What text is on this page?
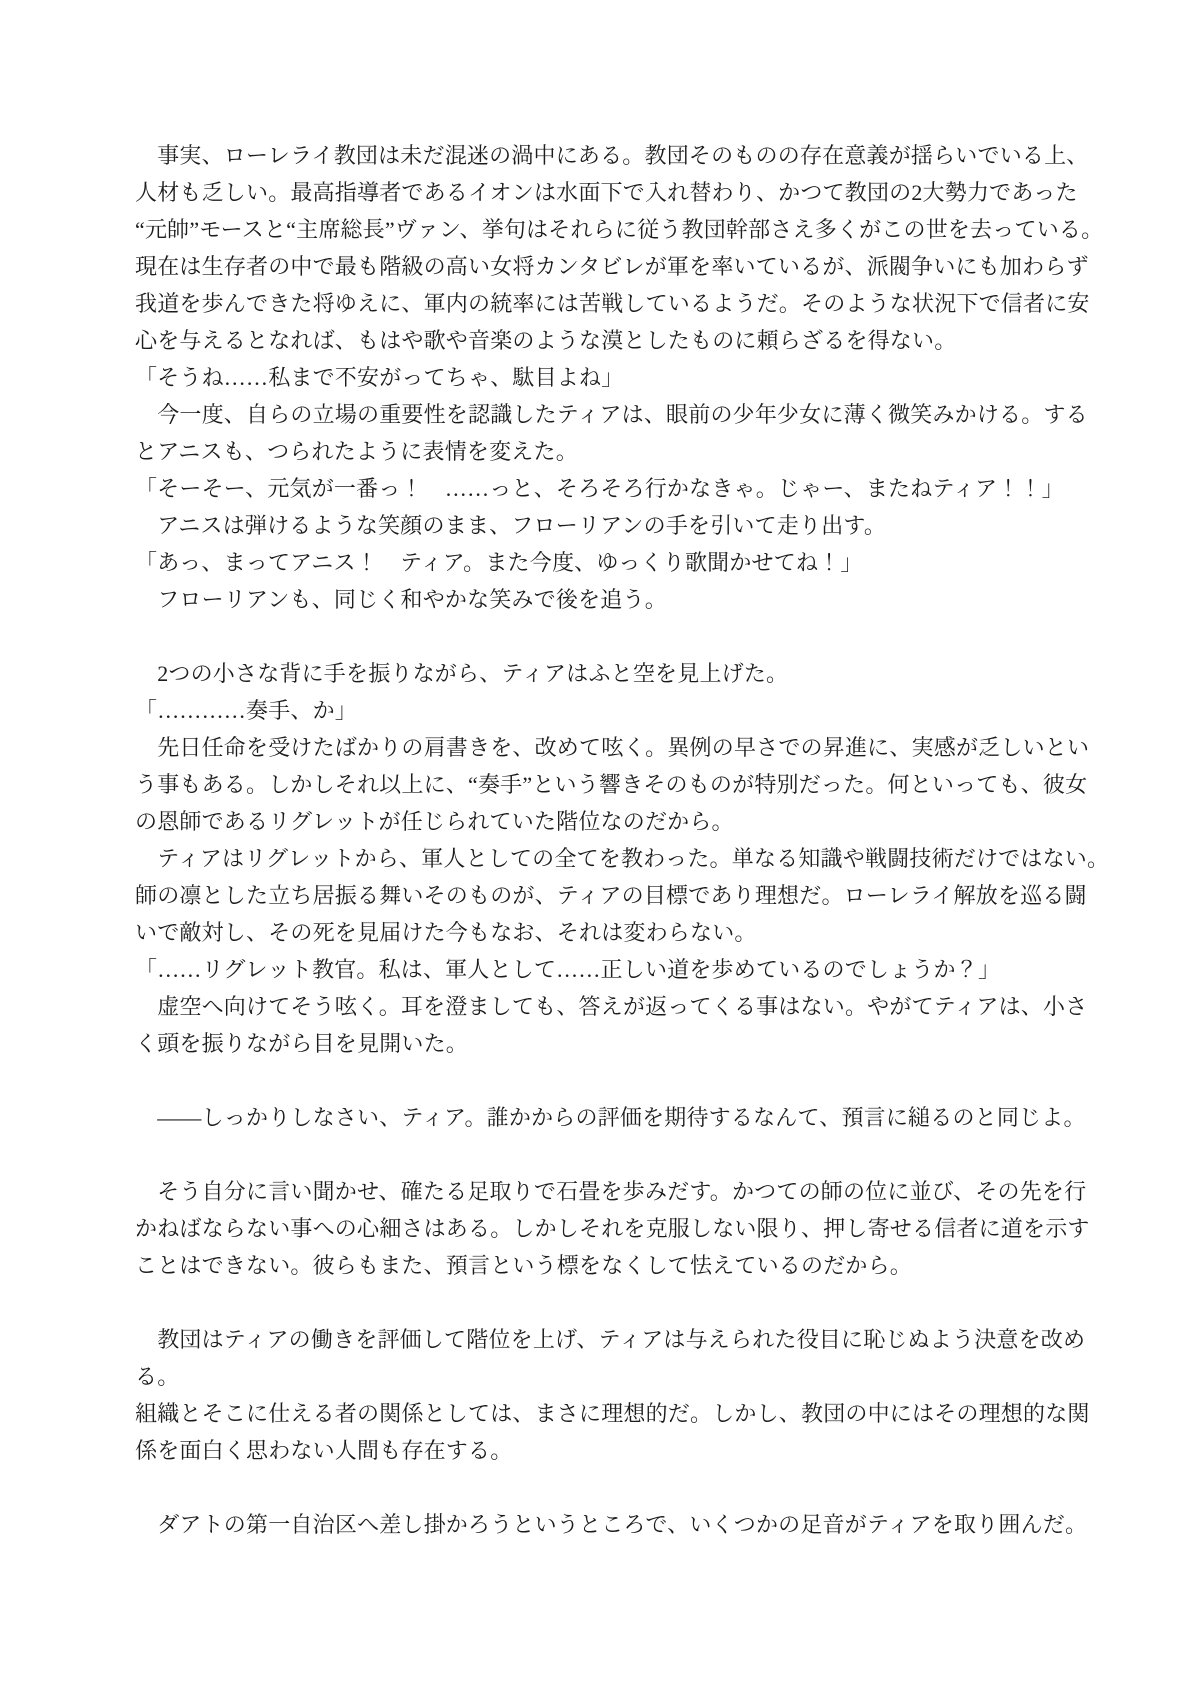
　事実、ローレライ教団は未だ混迷の渦中にある。教団そのものの存在意義が揺らいでいる上、
人材も乏しい。最高指導者であるイオンは水面下で入れ替わり、かつて教団の2大勢力であった
“元帥”モースと“主席総長”ヴァン、挙句はそれらに従う教団幹部さえ多くがこの世を去っている。
現在は生存者の中で最も階級の高い女将カンタビレが軍を率いているが、派閥争いにも加わらず
我道を歩んできた将ゆえに、軍内の統率には苦戦しているようだ。そのような状況下で信者に安
心を与えるとなれば、もはや歌や音楽のような漠としたものに頼らざるを得ない。
「そうね……私まで不安がってちゃ、駄目よね」
　今一度、自らの立場の重要性を認識したティアは、眼前の少年少女に薄く微笑みかける。する
とアニスも、つられたように表情を変えた。
「そーそー、元気が一番っ！　……っと、そろそろ行かなきゃ。じゃー、またねティア！！」
　アニスは弾けるような笑顔のまま、フローリアンの手を引いて走り出す。
「あっ、まってアニス！　ティア。また今度、ゆっくり歌聞かせてね！」
　フローリアンも、同じく和やかな笑みで後を追う。
　2つの小さな背に手を振りながら、ティアはふと空を見上げた。
「…………奏手、か」
　先日任命を受けたばかりの肩書きを、改めて呟く。異例の早さでの昇進に、実感が乏しいとい
う事もある。しかしそれ以上に、“奏手”という響きそのものが特別だった。何といっても、彼女
の恩師であるリグレットが任じられていた階位なのだから。
　ティアはリグレットから、軍人としての全てを教わった。単なる知識や戦闘技術だけではない。
師の凛とした立ち居振る舞いそのものが、ティアの目標であり理想だ。ローレライ解放を巡る闘
いで敵対し、その死を見届けた今もなお、それは変わらない。
「……リグレット教官。私は、軍人として……正しい道を歩めているのでしょうか？」
　虚空へ向けてそう呟く。耳を澄ましても、答えが返ってくる事はない。やがてティアは、小さ
く頭を振りながら目を見開いた。
　——しっかりしなさい、ティア。誰かからの評価を期待するなんて、預言に縋るのと同じよ。
　そう自分に言い聞かせ、確たる足取りで石畳を歩みだす。かつての師の位に並び、その先を行
かねばならない事への心細さはある。しかしそれを克服しない限り、押し寄せる信者に道を示す
ことはできない。彼らもまた、預言という標をなくして怯えているのだから。
　教団はティアの働きを評価して階位を上げ、ティアは与えられた役目に恥じぬよう決意を改め
る。
組織とそこに仕える者の関係としては、まさに理想的だ。しかし、教団の中にはその理想的な関
係を面白く思わない人間も存在する。
　ダアトの第一自治区へ差し掛かろうというところで、いくつかの足音がティアを取り囲んだ。
